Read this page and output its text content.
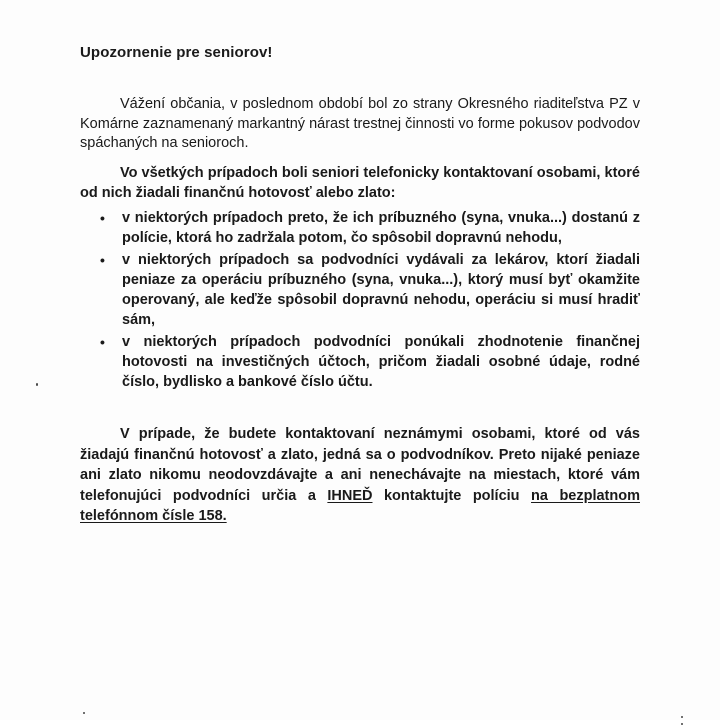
Upozornenie pre seniorov!

Vážení občania, v poslednom období bol zo strany Okresného riaditeľstva PZ v Komárne zaznamenaný markantný nárast trestnej činnosti vo forme pokusov podvodov spáchaných na senioroch.

Vo všetkých prípadoch boli seniori telefonicky kontaktovaní osobami, ktoré od nich žiadali finančnú hotovosť alebo zlato:

• v niektorých prípadoch preto, že ich príbuzného (syna, vnuka...) dostanú z polície, ktorá ho zadržala potom, čo spôsobil dopravnú nehodu,
• v niektorých prípadoch sa podvodníci vydávali za lekárov, ktorí žiadali peniaze za operáciu príbuzného (syna, vnuka...), ktorý musí byť okamžite operovaný, ale keďže spôsobil dopravnú nehodu, operáciu si musí hradiť sám,
• v niektorých prípadoch podvodníci ponúkali zhodnotenie finančnej hotovosti na investičných účtoch, pričom žiadali osobné údaje, rodné číslo, bydlisko a bankové číslo účtu.

V prípade, že budete kontaktovaní neznámymi osobami, ktoré od vás žiadajú finančnú hotovosť a zlato, jedná sa o podvodníkov. Preto nijaké peniaze ani zlato nikomu neodovzdávajte a ani nenechávajte na miestach, ktoré vám telefonujúci podvodníci určia a IHNEĎ kontaktujte políciu na bezplatnom telefónnom čísle 158.
